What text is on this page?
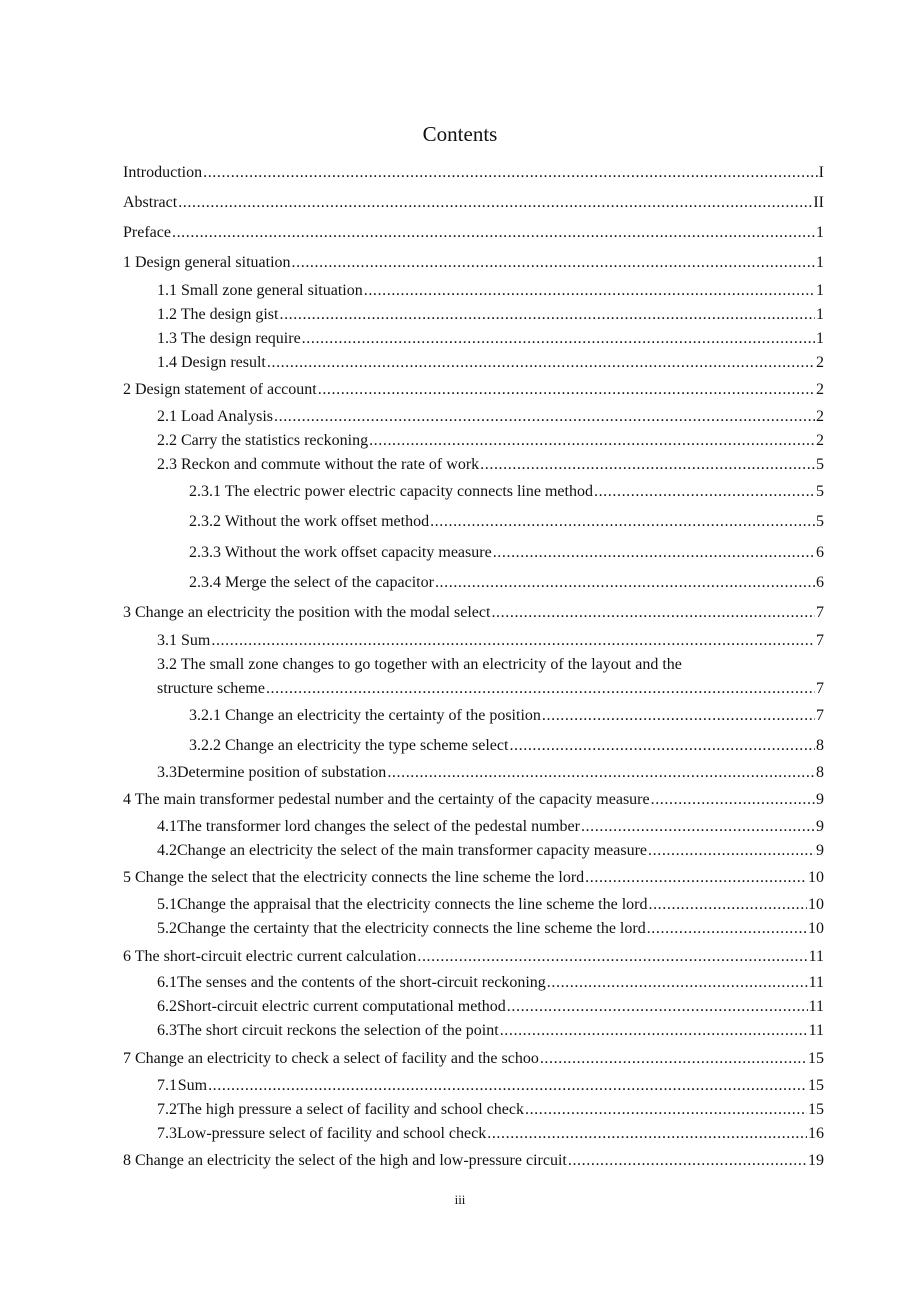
Contents
Introduction .....	I
Abstract .....	II
Preface .....	1
1 Design general situation .....	1
1.1 Small zone general situation .....	1
1.2 The design gist .....	1
1.3 The design require .....	1
1.4 Design result .....	2
2 Design statement of account .....	2
2.1 Load Analysis .....	2
2.2 Carry the statistics reckoning .....	2
2.3 Reckon and commute without the rate of work .....	5
2.3.1 The electric power electric capacity connects line method .....	5
2.3.2 Without the work offset method .....	5
2.3.3 Without the work offset capacity measure .....	6
2.3.4 Merge the select of the capacitor .....	6
3 Change an electricity the position with the modal select .....	7
3.1 Sum .....	7
3.2 The small zone changes to go together with an electricity of the layout and the
structure scheme .....	7
3.2.1 Change an electricity the certainty of the position .....	7
3.2.2 Change an electricity the type scheme select .....	8
3.3 Determine position of substation .....	8
4 The main transformer pedestal number and the certainty of the capacity measure .....	9
4.1 The transformer lord changes the select of the pedestal number .....	9
4.2 Change an electricity the select of the main transformer capacity measure .....	9
5 Change the select that the electricity connects the line scheme the lord .....	10
5.1 Change the appraisal that the electricity connects the line scheme the lord .....	10
5.2 Change the certainty that the electricity connects the line scheme the lord .....	10
6 The short-circuit electric current calculation .....	11
6.1 The senses and the contents of the short-circuit reckoning .....	11
6.2 Short-circuit electric current computational method .....	11
6.3 The short circuit reckons the selection of the point .....	11
7 Change an electricity to check a select of facility and the schoo .....	15
7.1 Sum .....	15
7.2 The high pressure a select of facility and school check .....	15
7.3 Low-pressure select of facility and school check .....	16
8 Change an electricity the select of the high and low-pressure circuit .....	19
iii
